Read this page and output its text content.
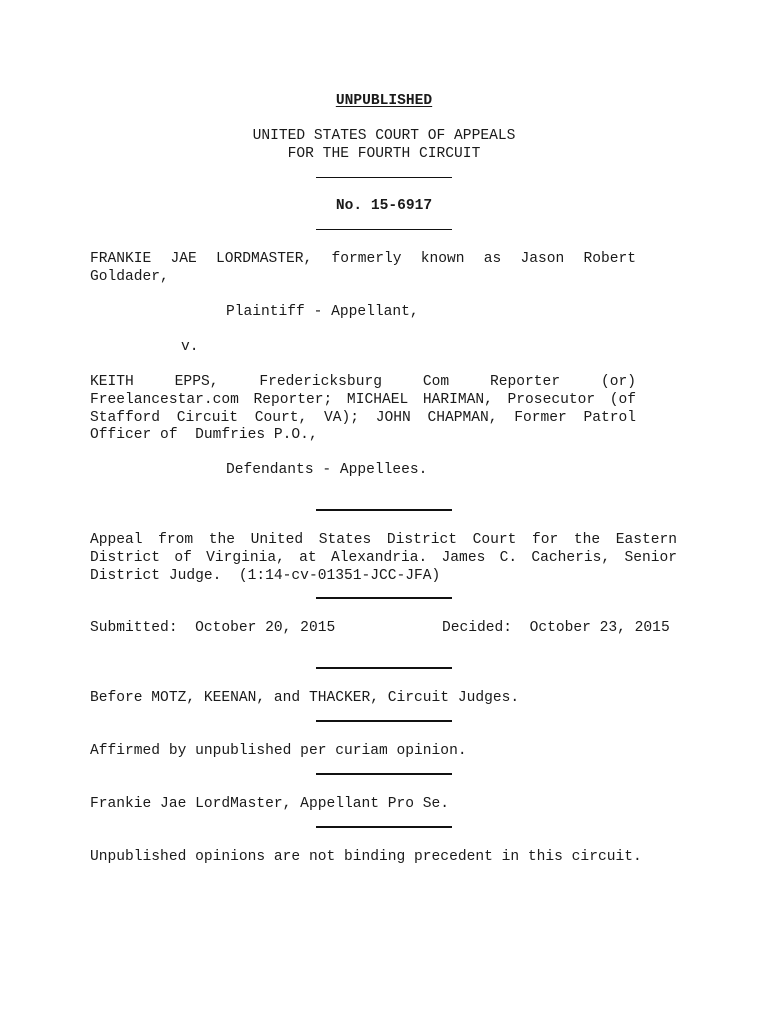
UNPUBLISHED
UNITED STATES COURT OF APPEALS
FOR THE FOURTH CIRCUIT
No. 15-6917
FRANKIE JAE LORDMASTER, formerly known as Jason Robert
Goldader,
Plaintiff - Appellant,
v.
KEITH EPPS, Fredericksburg Com Reporter (or)
Freelancestar.com Reporter; MICHAEL HARIMAN, Prosecutor (of
Stafford Circuit Court, VA); JOHN CHAPMAN, Former Patrol
Officer of  Dumfries P.O.,
Defendants - Appellees.
Appeal from the United States District Court for the Eastern
District of Virginia, at Alexandria. James C. Cacheris, Senior
District Judge.  (1:14-cv-01351-JCC-JFA)
Submitted:  October 20, 2015	Decided:  October 23, 2015
Before MOTZ, KEENAN, and THACKER, Circuit Judges.
Affirmed by unpublished per curiam opinion.
Frankie Jae LordMaster, Appellant Pro Se.
Unpublished opinions are not binding precedent in this circuit.
